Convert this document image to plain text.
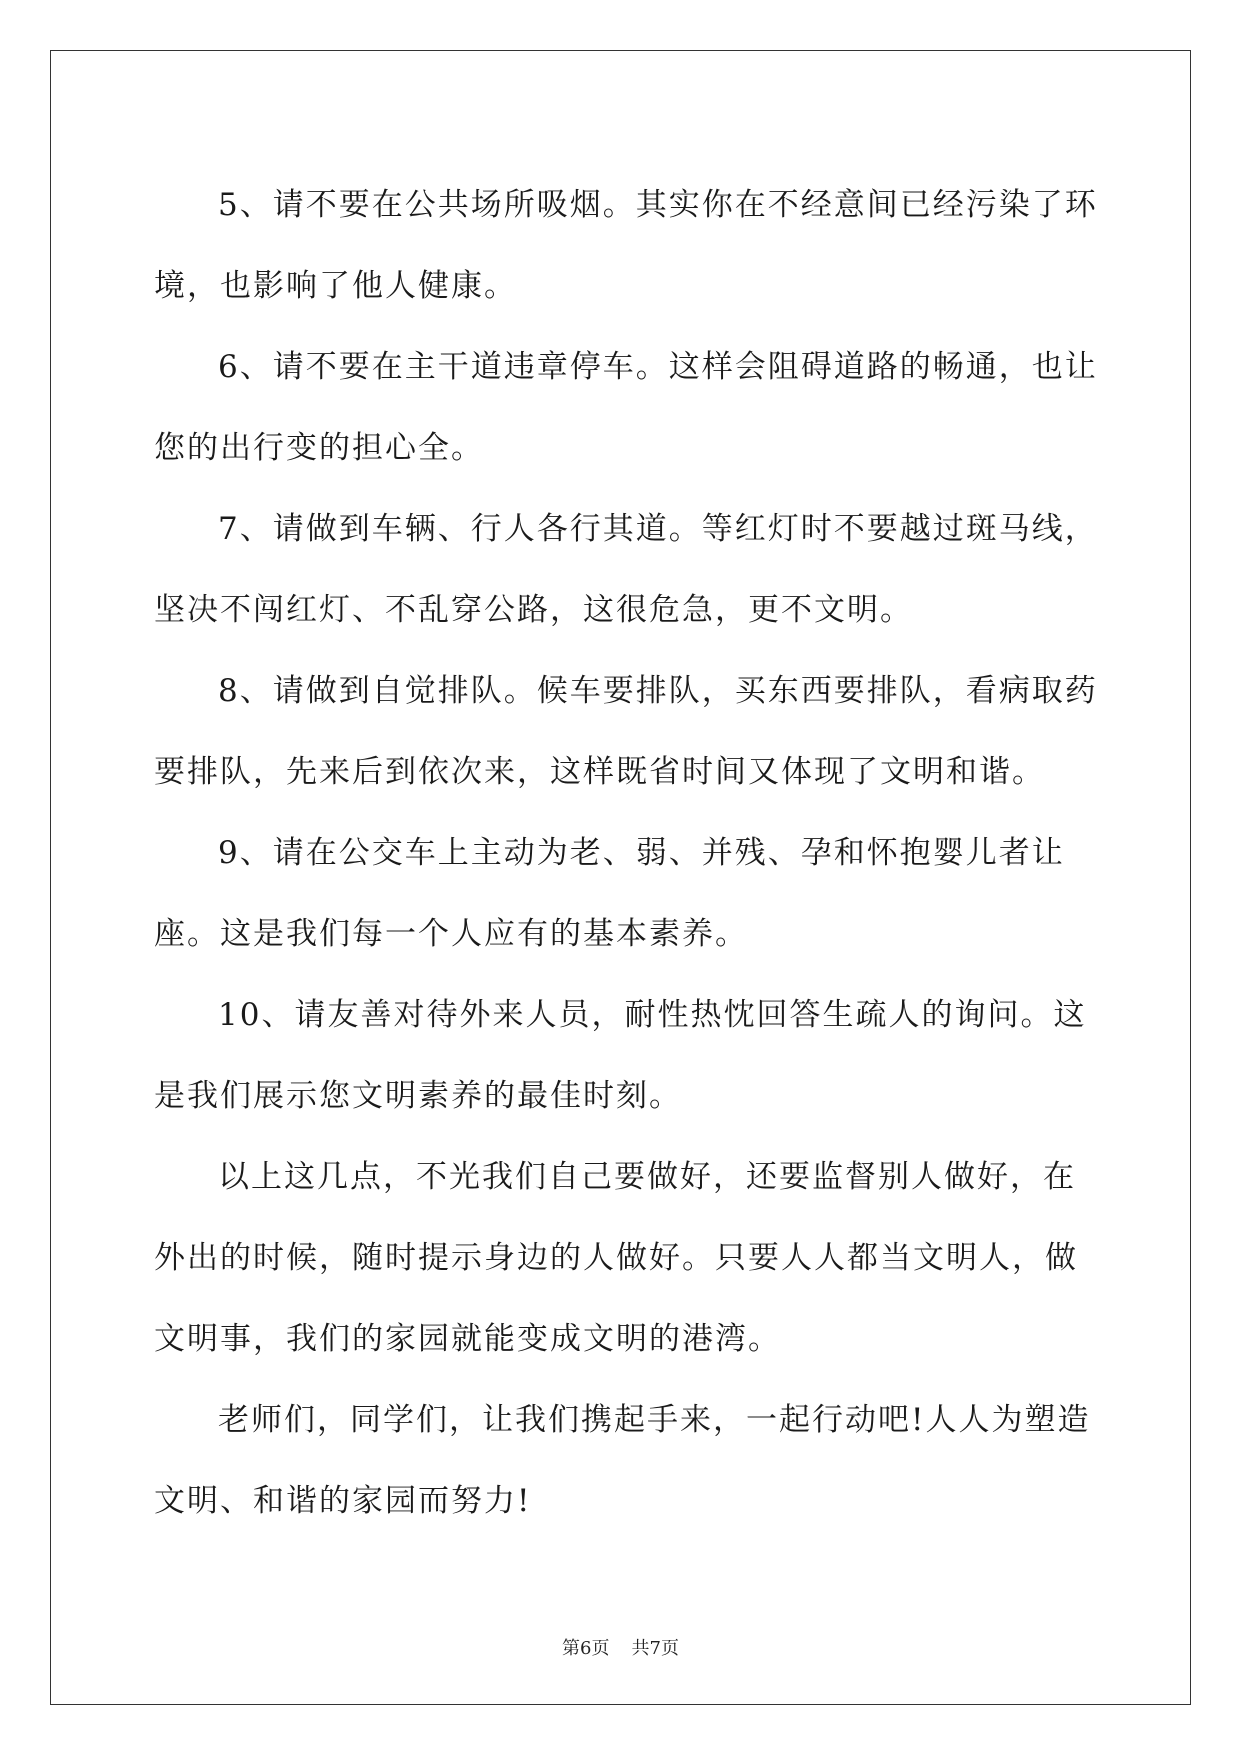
5、请不要在公共场所吸烟。其实你在不经意间已经污染了环境，也影响了他人健康。

6、请不要在主干道违章停车。这样会阻碍道路的畅通，也让您的出行变的担心全。

7、请做到车辆、行人各行其道。等红灯时不要越过斑马线，坚决不闯红灯、不乱穿公路，这很危急，更不文明。

8、请做到自觉排队。候车要排队，买东西要排队，看病取药要排队，先来后到依次来，这样既省时间又体现了文明和谐。

9、请在公交车上主动为老、弱、并残、孕和怀抱婴儿者让座。这是我们每一个人应有的基本素养。

10、请友善对待外来人员，耐性热忱回答生疏人的询问。这是我们展示您文明素养的最佳时刻。

以上这几点，不光我们自己要做好，还要监督别人做好，在外出的时候，随时提示身边的人做好。只要人人都当文明人，做文明事，我们的家园就能变成文明的港湾。

老师们，同学们，让我们携起手来，一起行动吧!人人为塑造文明、和谐的家园而努力!

第6页 共7页
